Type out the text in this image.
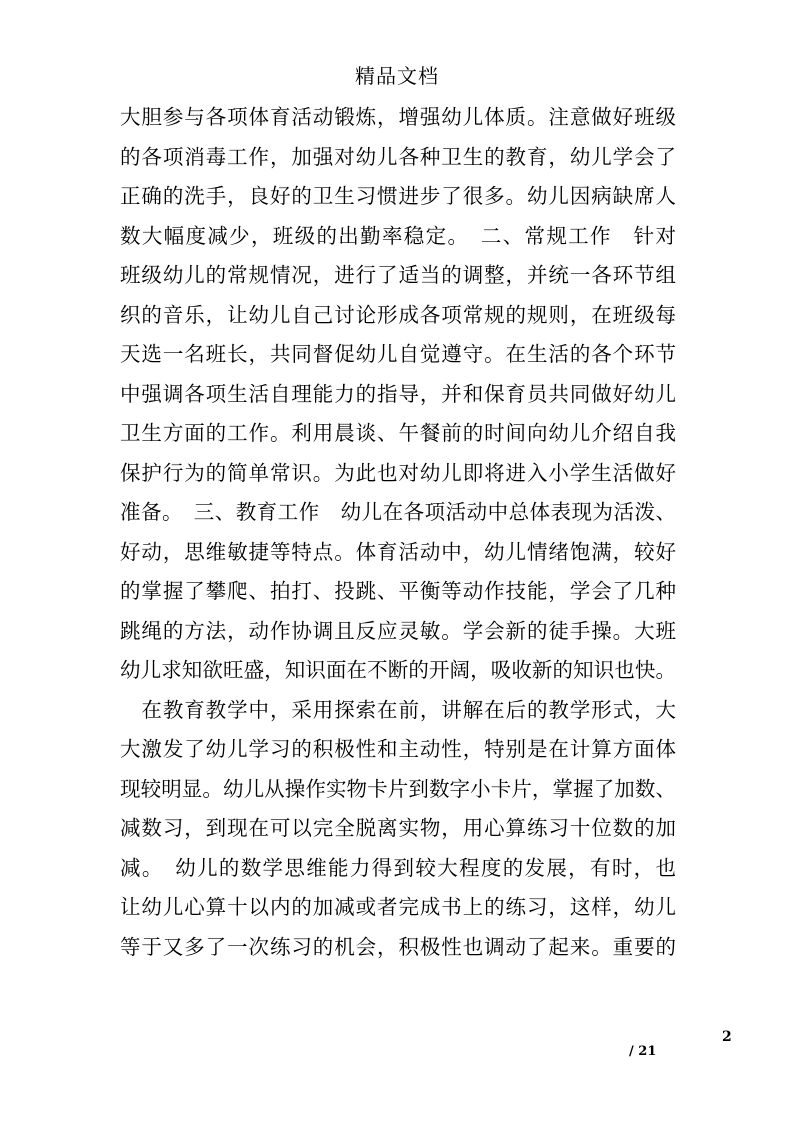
精品文档
大胆参与各项体育活动锻炼，增强幼儿体质。注意做好班级
的各项消毒工作，加强对幼儿各种卫生的教育，幼儿学会了
正确的洗手，良好的卫生习惯进步了很多。幼儿因病缺席人
数大幅度减少，班级的出勤率稳定。　二、常规工作　针对
班级幼儿的常规情况，进行了适当的调整，并统一各环节组
织的音乐，让幼儿自己讨论形成各项常规的规则，在班级每
天选一名班长，共同督促幼儿自觉遵守。在生活的各个环节
中强调各项生活自理能力的指导，并和保育员共同做好幼儿
卫生方面的工作。利用晨谈、午餐前的时间向幼儿介绍自我
保护行为的简单常识。为此也对幼儿即将进入小学生活做好
准备。　三、教育工作　幼儿在各项活动中总体表现为活泼、
好动，思维敏捷等特点。体育活动中，幼儿情绪饱满，较好
的掌握了攀爬、拍打、投跳、平衡等动作技能，学会了几种
跳绳的方法，动作协调且反应灵敏。学会新的徒手操。大班
幼儿求知欲旺盛，知识面在不断的开阔，吸收新的知识也快。
　在教育教学中，采用探索在前，讲解在后的教学形式，大
大激发了幼儿学习的积极性和主动性，特别是在计算方面体
现较明显。幼儿从操作实物卡片到数字小卡片，掌握了加数、
减数习，到现在可以完全脱离实物，用心算练习十位数的加
减。　幼儿的数学思维能力得到较大程度的发展，有时，也
让幼儿心算十以内的加减或者完成书上的练习，这样，幼儿
等于又多了一次练习的机会，积极性也调动了起来。重要的
2
/ 21
